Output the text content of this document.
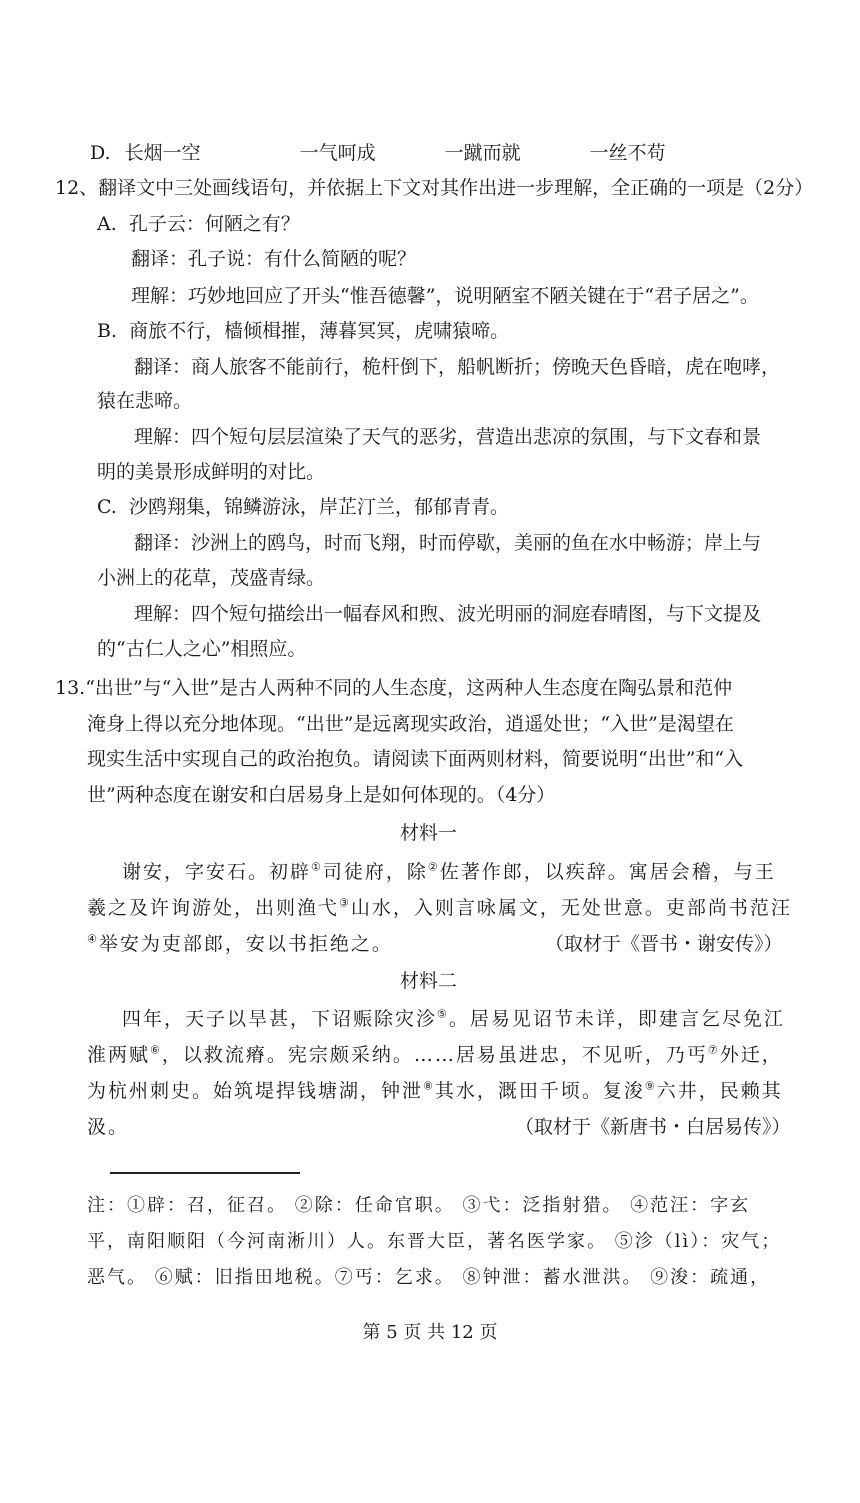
D. 长烟一空	一气呵成	一蹴而就	一丝不苟
12、翻译文中三处画线语句，并依据上下文对其作出进一步理解，全正确的一项是（2分）
A. 孔子云：何陋之有？
翻译：孔子说：有什么简陋的呢？
理解：巧妙地回应了开头“惟吾德馨”，说明陋室不陋关键在于“君子居之”。
B. 商旅不行，樯倾楫摧，薄暮冥冥，虎啸猿啼。
翻译：商人旅客不能前行，桅杆倒下，船帆断折；傍晚天色昏暗，虎在咆哮，
猿在悲啼。
理解：四个短句层层渲染了天气的恶劣，营造出悲凉的氛围，与下文春和景
明的美景形成鲜明的对比。
C. 沙鸥翔集，锦鳞游泳，岸芷汀兰，郁郁青青。
翻译：沙洲上的鸥鸟，时而飞翔，时而停歇，美丽的鱼在水中畅游；岸上与
小洲上的花草，茂盛青绿。
理解：四个短句描绘出一幅春风和煦、波光明丽的洞庭春晴图，与下文提及
的“古仁人之心”相照应。
13.“出世”与“入世”是古人两种不同的人生态度，这两种人生态度在陶弘景和范仲
淹身上得以充分地体现。“出世”是远离现实政治，逍遥处世；“入世”是渴望在
现实生活中实现自己的政治抱负。请阅读下面两则材料，简要说明“出世”和“入
世”两种态度在谢安和白居易身上是如何体现的。（4分）
材料一
谢安，字安石。初辟①司徒府，除②佐著作郎，以疾辞。寓居会稽，与王
羲之及许询游处，出则渔弋③山水，入则言咏属文，无处世意。吏部尚书范汪
④举安为吏部郎，安以书拒绝之。	（取材于《晋书・谢安传》）
材料二
四年，天子以旱甚，下诏赈除灾沴⑤。居易见诏节未详，即建言乞尽免江
淮两赋⑥，以救流瘠。宪宗颇采纳。……居易虽进忠，不见听，乃丐⑦外迁，
为杭州刺史。始筑堤捍钱塘湖，钟泄⑧其水，溉田千顷。复浚⑨六井，民赖其
汲。	（取材于《新唐书・白居易传》）
注：①辟：召，征召。 ②除：任命官职。 ③弋：泛指射猎。 ④范汪：字玄
平，南阳顺阳（今河南淅川）人。东晋大臣，著名医学家。 ⑤沴（lì）：灾气；
恶气。 ⑥赋：旧指田地税。⑦丐：乞求。 ⑧钟泄：蓄水泄洪。 ⑨浚：疏通，
第 5 页 共 12 页
